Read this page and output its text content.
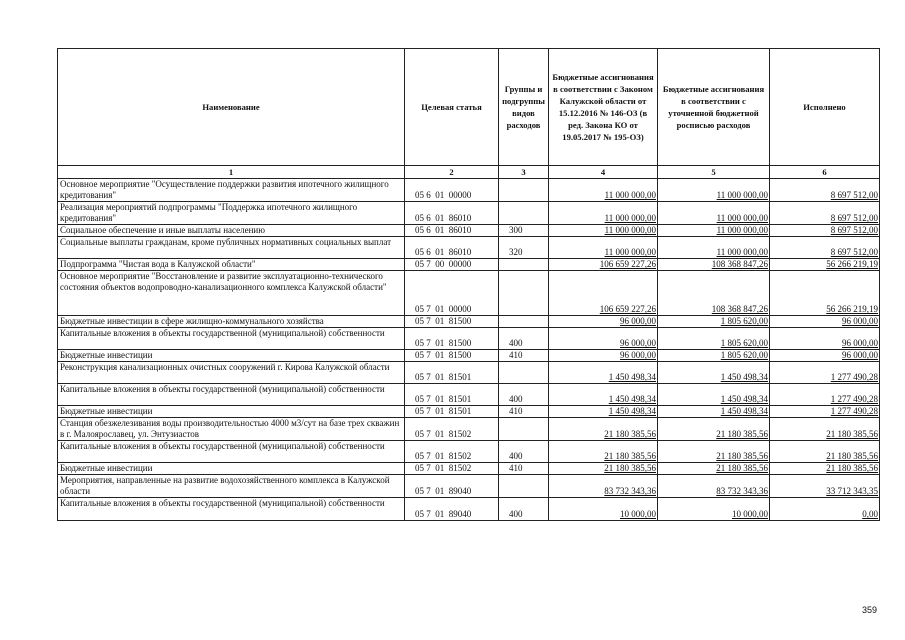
Наименование	Целевая статья	Группы и подгруппы видов расходов	Бюджетные ассигнования в соответствии с Законом Калужской области от 15.12.2016 № 146-ОЗ (в ред. Закона КО от 19.05.2017 № 195-ОЗ)	Бюджетные ассигнования в соответствии с уточненной бюджетной росписью расходов	Исполнено
1	2	3	4	5	6
Основное мероприятие "Осуществление поддержки развития ипотечного жилищного кредитования"	05 6  01  00000		11 000 000,00	11 000 000,00	8 697 512,00
Реализация мероприятий подпрограммы "Поддержка ипотечного жилищного кредитования"	05 6  01  86010		11 000 000,00	11 000 000,00	8 697 512,00
Социальное обеспечение и иные выплаты населению	05 6  01  86010	300	11 000 000,00	11 000 000,00	8 697 512,00
Социальные выплаты гражданам, кроме публичных нормативных социальных выплат	05 6  01  86010	320	11 000 000,00	11 000 000,00	8 697 512,00
Подпрограмма "Чистая вода в Калужской области"	05 7  00  00000		106 659 227,26	108 368 847,26	56 266 219,19
Основное мероприятие "Восстановление и развитие эксплуатационно-технического состояния объектов водопроводно-канализационного комплекса Калужской области"	05 7  01  00000		106 659 227,26	108 368 847,26	56 266 219,19
Бюджетные инвестиции в сфере жилищно-коммунального хозяйства	05 7  01  81500		96 000,00	1 805 620,00	96 000,00
Капитальные вложения в объекты государственной (муниципальной) собственности	05 7  01  81500	400	96 000,00	1 805 620,00	96 000,00
Бюджетные инвестиции	05 7  01  81500	410	96 000,00	1 805 620,00	96 000,00
Реконструкция канализационных очистных сооружений г. Кирова Калужской области	05 7  01  81501		1 450 498,34	1 450 498,34	1 277 490,28
Капитальные вложения в объекты государственной (муниципальной) собственности	05 7  01  81501	400	1 450 498,34	1 450 498,34	1 277 490,28
Бюджетные инвестиции	05 7  01  81501	410	1 450 498,34	1 450 498,34	1 277 490,28
Станция обезжелезивания воды производительностью 4000 м3/сут на базе трех скважин в г. Малоярославец, ул. Энтузиастов	05 7  01  81502		21 180 385,56	21 180 385,56	21 180 385,56
Капитальные вложения в объекты государственной (муниципальной) собственности	05 7  01  81502	400	21 180 385,56	21 180 385,56	21 180 385,56
Бюджетные инвестиции	05 7  01  81502	410	21 180 385,56	21 180 385,56	21 180 385,56
Мероприятия, направленные на развитие водохозяйственного комплекса в Калужской области	05 7  01  89040		83 732 343,36	83 732 343,36	33 712 343,35
Капитальные вложения в объекты государственной (муниципальной) собственности	05 7  01  89040	400	10 000,00	10 000,00	0,00
359
